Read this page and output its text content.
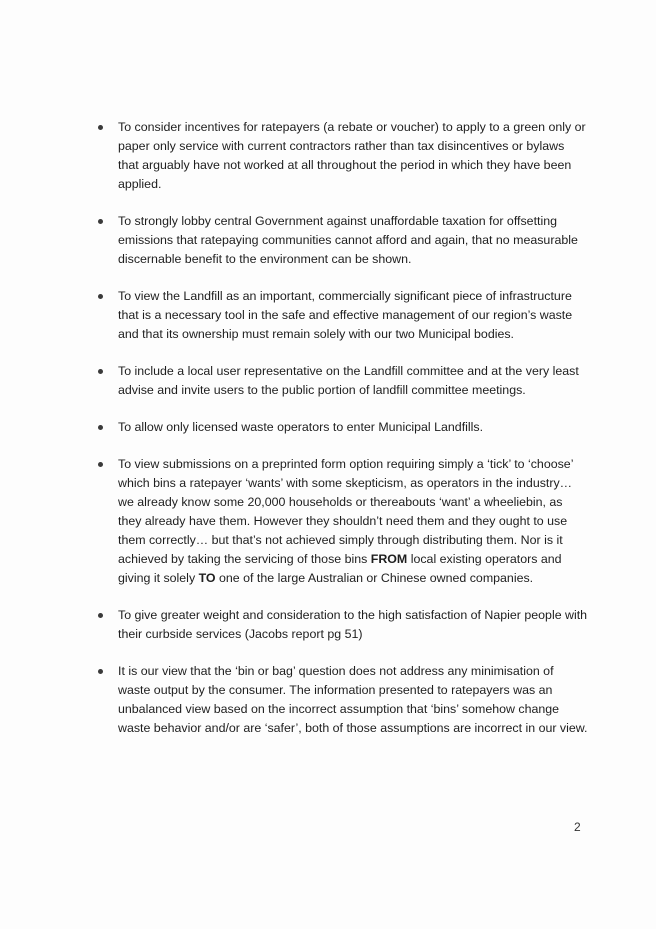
To consider incentives for ratepayers (a rebate or voucher) to apply to a green only or paper only service with current contractors rather than tax disincentives or bylaws that arguably have not worked at all throughout the period in which they have been applied.
To strongly lobby central Government against unaffordable taxation for offsetting emissions that ratepaying communities cannot afford and again, that no measurable discernable benefit to the environment can be shown.
To view the Landfill as an important, commercially significant piece of infrastructure that is a necessary tool in the safe and effective management of our region’s waste and that its ownership must remain solely with our two Municipal bodies.
To include a local user representative on the Landfill committee and at the very least advise and invite users to the public portion of landfill committee meetings.
To allow only licensed waste operators to enter Municipal Landfills.
To view submissions on a preprinted form option requiring simply a ‘tick’ to ‘choose’ which bins a ratepayer ‘wants’ with some skepticism, as operators in the industry… we already know some 20,000 households or thereabouts ‘want’ a wheeliebin, as they already have them. However they shouldn’t need them and they ought to use them correctly… but that’s not achieved simply through distributing them. Nor is it achieved by taking the servicing of those bins FROM local existing operators and giving it solely TO one of the large Australian or Chinese owned companies.
To give greater weight and consideration to the high satisfaction of Napier people with their curbside services (Jacobs report pg 51)
It is our view that the ‘bin or bag’ question does not address any minimisation of waste output by the consumer. The information presented to ratepayers was an unbalanced view based on the incorrect assumption that ‘bins’ somehow change waste behavior and/or are ‘safer’, both of those assumptions are incorrect in our view.
2
